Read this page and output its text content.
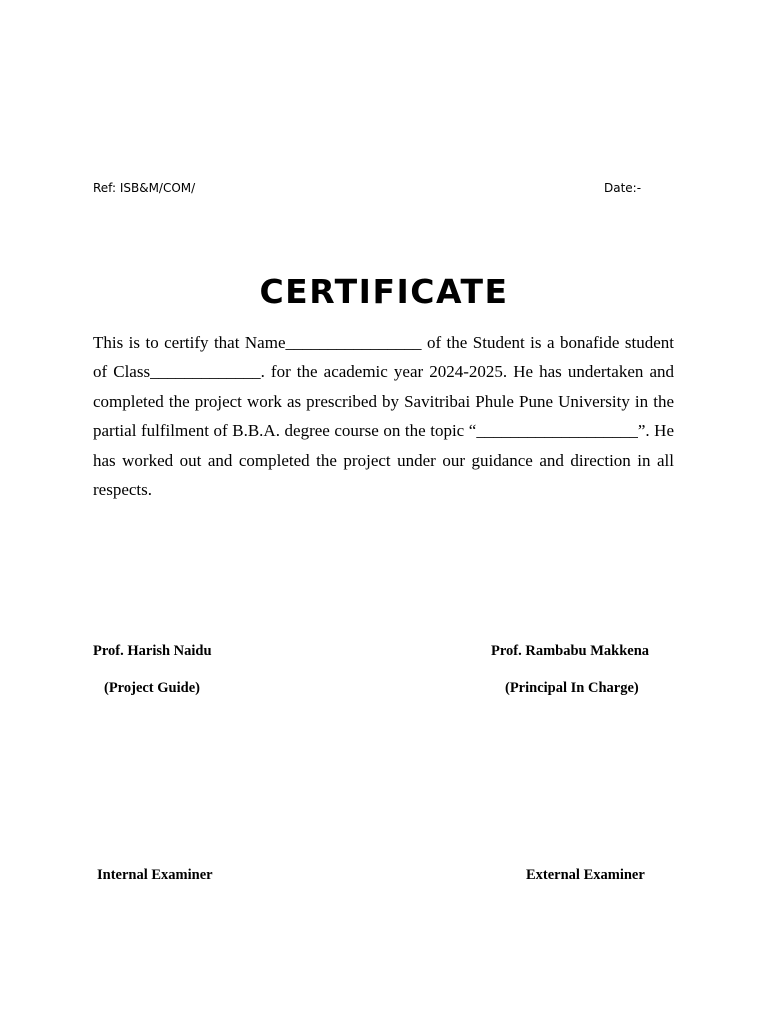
Ref: ISB&M/COM/	Date:-
CERTIFICATE

This is to certify that Name________________ of the Student is a bonafide student of Class_____________. for the academic year 2024-2025. He has undertaken and completed the project work as prescribed by Savitribai Phule Pune University in the partial fulfilment of B.B.A. degree course on the topic “___________________”. He has worked out and completed the project under our guidance and direction in all respects.

Prof. Harish Naidu
(Project Guide)
Prof. Rambabu Makkena
(Principal In Charge)
Internal Examiner	External Examiner
